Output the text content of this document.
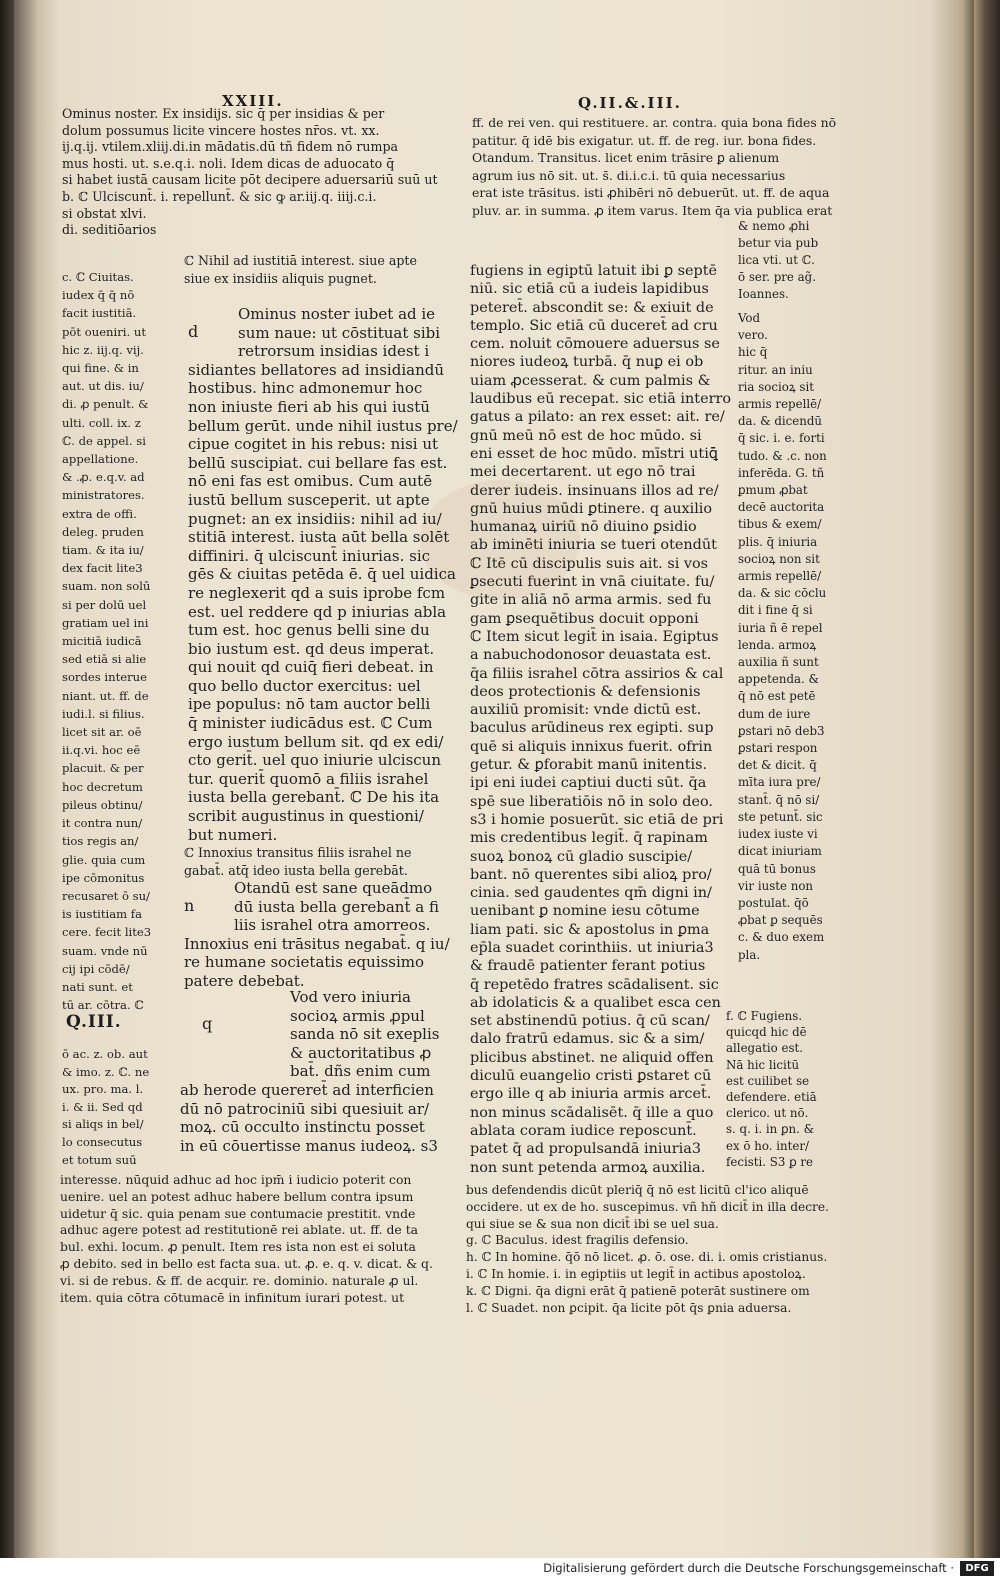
XXIII.	Q.II.&.III.
Ominus noster. Ex insidijs. sic q̄ per insidias & per
dolum possumus licite vincere hostes nr̄os. vt. xx.
ij.q.ij. vtilem.xliij.di.in mādatis.dū tñ fidem nō rumpa
mus hosti. ut. s.e.q.i. noli. Idem dicas de aduocato q̄
si habet iustā causam licite pōt decipere aduersariū suū ut
b. ℂ Ulciscunt̄. i. repellunt̄. & sic ꝙ ar.iij.q. iiij.c.i.
si obstat xlvi.
di. seditiōarios
ff. de rei ven. qui restituere. ar. contra. quia bona fides nō
patitur. q̄ idē bis exigatur. ut. ff. de reg. iur. bona fides.
Otandum. Transitus. licet enim trāsire ꝑ alienum
agrum ius nō sit. ut. s̄. di.i.c.i. tū quia necessarius
erat iste trāsitus. isti ꝓhibēri nō debuerūt. ut. ff. de aqua
pluv. ar. in summa. ꝓ item varus. Item q̄a via publica erat
c. ℂ Ciuitas.
iudex q̄ q̄ nō
facit iustitiā.
pōt oueniri. ut
hic z. iij.q. vij.
qui fine. & in
aut. ut dis. iu/
di. ꝓ penult. &
ulti. coll. ix. z
ℂ. de appel. si
appellatione.
& .ꝓ. e.q.v. ad
ministratores.
extra de offi.
deleg. pruden
tiam. & ita iu/
dex facit lite3
suam. non solū
si per dolū uel
gratiam uel ini
micitiā iudicā
sed etiā si alie
sordes interue
niant. ut. ff. de
iudi.l. si filius.
licet sit ar. oē
ii.q.vi. hoc eē
placuit. & per
hoc decretum
pileus obtinu/
it contra nun/
tios regis an/
glie. quia cum
ipe cōmonitus
recusaret ō su/
is iustitiam fa
cere. fecit lite3
suam. vnde nū
cij ipi cōdē/
nati sunt. et
tū ar. cōtra. ℂ
Q.III.
ō ac. z. ob. aut
& imo. z. ℂ. ne
ux. pro. ma. l.
i. & ii. Sed qd
si aliqs in bel/
lo consecutus
et totum suū
ℂ Nihil ad iustitiā interest. siue apte
siue ex insidiis aliquis pugnet.
d
Ominus noster iubet ad ie
sum naue: ut cōstituat sibi
retrorsum insidias idest i
sidiantes bellatores ad insidiandū
hostibus. hinc admonemur hoc
non iniuste fieri ab his qui iustū
bellum gerūt. unde nihil iustus pre/
cipue cogitet in his rebus: nisi ut
bellū suscipiat. cui bellare fas est.
nō eni fas est omibus. Cum autē
iustū bellum susceperit. ut apte
pugnet: an ex insidiis: nihil ad iu/
stitiā interest. iusta aūt bella solēt
diffiniri. q̄ ulciscunt̄ iniurias. sic
gēs & ciuitas petēda ē. q̄ uel uidica
re neglexerit qd a suis iprobe fcm
est. uel reddere qd p iniurias abla
tum est. hoc genus belli sine du
bio iustum est. qd deus imperat.
qui nouit qd cuiq̄ fieri debeat. in
quo bello ductor exercitus: uel
ipe populus: nō tam auctor belli
q̄ minister iudicādus est. ℂ Cum
ergo iustum bellum sit. qd ex edi/
cto gerit̄. uel quo iniurie ulciscun
tur. querit̄ quomō a filiis israhel
iusta bella gerebant̄. ℂ De his ita
scribit augustinus in questioni/
but numeri.
ℂ Innoxius transitus filiis israhel ne
gabat̄. atq̄ ideo iusta bella gerebāt.
n
Otandū est sane queādmo
dū iusta bella gerebant̄ a fi
liis israhel otra amorreos.
Innoxius eni trāsitus negabat̄. q iu/
re humane societatis equissimo
patere debebat.
q
Vod vero iniuria
socioꝝ armis ꝓpul
sanda nō sit exeplis
& auctoritatibus ꝓ
bat̄. dñs enim cum
ab herode quereret̄ ad interficien
dū nō patrociniū sibi quesiuit ar/
moꝝ. cū occulto instinctu posset
in eū cōuertisse manus iudeoꝝ. s3
fugiens in egiptū latuit ibi ꝑ septē
niū. sic etiā cū a iudeis lapidibus
peteret̄. abscondit se: & exiuit de
templo. Sic etiā cū duceret̄ ad cru
cem. noluit cōmouere aduersus se
niores iudeoꝝ turbā. q̄ nuꝑ ei ob
uiam ꝓcesserat. & cum palmis &
laudibus eū recepat. sic etiā interro
gatus a pilato: an rex esset: ait. re/
gnū meū nō est de hoc mūdo. si
eni esset de hoc mūdo. mīstri utiꝗ̄
mei decertarent. ut ego nō trai
derer iudeis. insinuans illos ad re/
gnū huius mūdi ꝑtinere. q auxilio
humanaꝝ uiriū nō diuino ꝑsidio
ab iminēti iniuria se tueri otendūt
ℂ Itē cū discipulis suis ait. si vos
ꝑsecuti fuerint in vnā ciuitate. fu/
gite in aliā nō arma armis. sed fu
gam ꝑsequētibus docuit opponi
ℂ Item sicut legit̄ in isaia. Egiptus
a nabuchodonosor deuastata est.
q̄a filiis israhel cōtra assirios & cal
deos protectionis & defensionis
auxiliū promisit: vnde dictū est.
baculus arūdineus rex egipti. sup
quē si aliquis innixus fuerit. ofrin
getur. & ꝑforabit manū initentis.
ipi eni iudei captiui ducti sūt. q̄a
spē sue liberatiōis nō in solo deo.
s3 i homie posuerūt. sic etiā de pri
mis credentibus legit̄. q̄ rapinam
suoꝝ bonoꝝ cū gladio suscipie/
bant. nō querentes sibi alioꝝ pro/
cinia. sed gaudentes qm̄ digni in/
uenibant ꝑ nomine iesu cōtume
liam pati. sic & apostolus in ꝑma
ep̄la suadet corinthiis. ut iniuria3
& fraudē patienter ferant potius
q̄ repetēdo fratres scādalisent. sic
ab idolaticis & a qualibet esca cen
set abstinendū potius. q̄ cū scan/
dalo fratrū edamus. sic & a sim/
plicibus abstinet. ne aliquid offen
diculū euangelio cristi ꝑstaret cū
ergo ille q ab iniuria armis arcet̄.
non minus scādalisēt. q̄ ille a quo
ablata coram iudice reposcunt̄.
patet q̄ ad propulsandā iniuria3
non sunt petenda armoꝝ auxilia.
& nemo ꝓhi
betur via pub
lica vti. ut ℂ.
ō ser. pre ag̃.
Ioannes.
Vod
vero.
hic q̄
ritur. an iniu
ria socioꝝ sit
armis repellē/
da. & dicendū
q̄ sic. i. e. forti
tudo. & .c. non
inferēda. G. tñ
ꝑmum ꝓbat
decē auctorita
tibus & exem/
plis. q̄ iniuria
socioꝝ non sit
armis repellē/
da. & sic cōclu
dit i fine q̄ si
iuria ñ ē repel
lenda. armoꝝ
auxilia ñ sunt
appetenda. &
q̄ nō est petē
dum de iure
ꝑstari nō deb3
ꝑstari respon
det & dicit. q̄
mīta iura pre/
stant̄. q̄ nō si/
ste petunt̄. sic
iudex iuste vi
dicat iniuriam
quā tū bonus
vir iuste non
postulat. q̄ō
ꝓbat ꝑ sequēs
c. & duo exem
pla.
f. ℂ Fugiens.
quicqd hic dē
allegatio est.
Nā hic licitū
est cuilibet se
defendere. etiā
clerico. ut nō.
s. q. i. in ꝑn. &
ex ō ho. inter/
fecisti. S3 ꝑ re
interesse. nūquid adhuc ad hoc ipm̄ i iudicio poterit con
uenire. uel an potest adhuc habere bellum contra ipsum
uidetur q̄ sic. quia penam sue contumacie prestitit. vnde
adhuc agere potest ad restitutionē rei ablate. ut. ff. de ta
bul. exhi. locum. ꝓ penult. Item res ista non est ei soluta
ꝓ debito. sed in bello est facta sua. ut. ꝓ. e. q. v. dicat. & q.
vi. si de rebus. & ff. de acquir. re. dominio. naturale ꝓ ul.
item. quia cōtra cōtumacē in infinitum iurari potest. ut
bus defendendis dicūt pleriq̄ q̄ nō est licitū cl'ico aliquē
occidere. ut ex de ho. suscepimus. vñ hñ dicit̄ in illa decre.
qui siue se & sua non dicit̄ ibi se uel sua.
g. ℂ Baculus. idest fragilis defensio.
h. ℂ In homine. q̄ō nō licet. ꝓ. ō. ose. di. i. omis cristianus.
i. ℂ In homie. i. in egiptiis ut legit̄ in actibus apostoloꝝ.
k. ℂ Digni. q̄a digni erāt q̄ patienē poterāt sustinere om
l. ℂ Suadet. non ꝑcipit. q̄a licite pōt q̄s ꝑnia aduersa.
Digitalisierung gefördert durch die Deutsche Forschungsgemeinschaft ·	DFG
